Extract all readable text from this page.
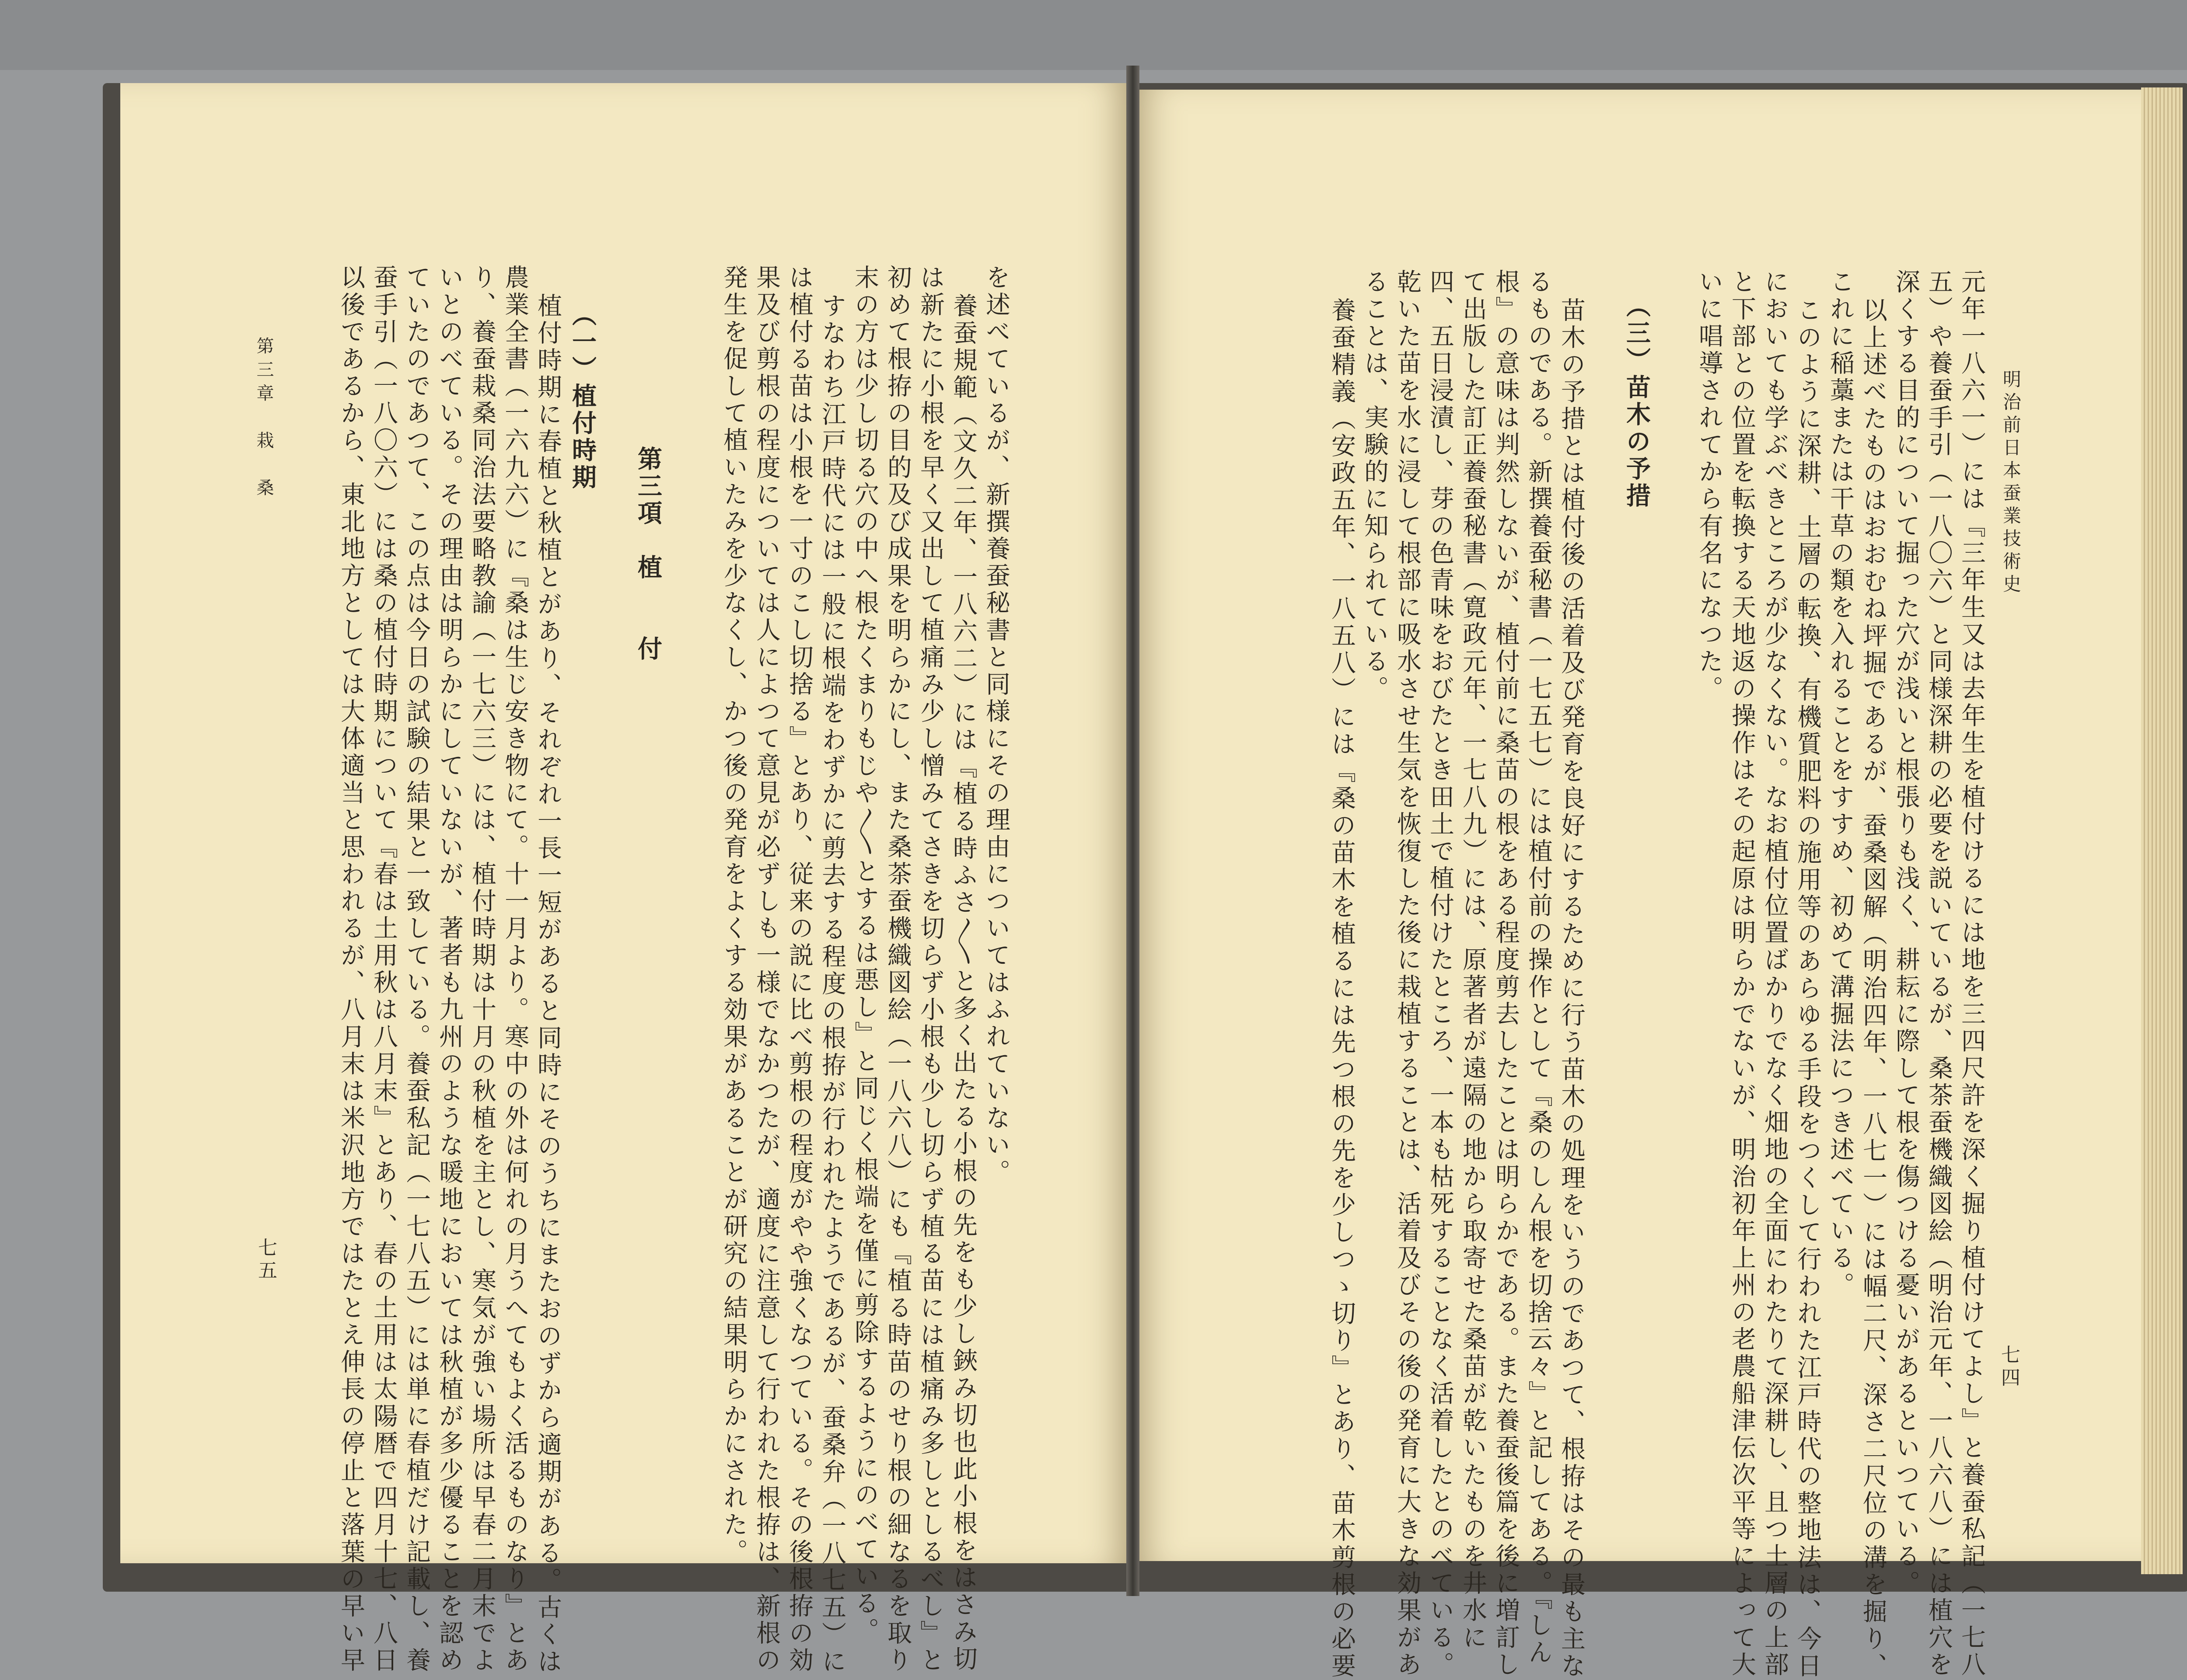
明治前日本蚕業技術史
七四
元年一八六一）には『三年生又は去年生を植付けるには地を三四尺許を深く掘り植付けてよし』と養蚕私記（一七八
五）や養蚕手引（一八〇六）と同様深耕の必要を説いているが、桑茶蚕機織図絵（明治元年、一八六八）には植穴を
深くする目的について掘った穴が浅いと根張りも浅く、耕耘に際して根を傷つける憂いがあるといつている。
以上述べたものはおおむね坪掘であるが、蚕桑図解（明治四年、一八七一）には幅二尺、深さ二尺位の溝を掘り、
これに稲藁または干草の類を入れることをすすめ、初めて溝掘法につき述べている。
このように深耕、土層の転換、有機質肥料の施用等のあらゆる手段をつくして行われた江戸時代の整地法は、今日
においても学ぶべきところが少なくない。なお植付位置ばかりでなく畑地の全面にわたりて深耕し、且つ土層の上部
と下部との位置を転換する天地返の操作はその起原は明らかでないが、明治初年上州の老農船津伝次平等によって大
いに唱導されてから有名になつた。
（三）苗木の予措
苗木の予措とは植付後の活着及び発育を良好にするために行う苗木の処理をいうのであつて、根拵はその最も主な
るものである。新撰養蚕秘書（一七五七）には植付前の操作として『桑のしん根を切捨云々』と記してある。『しん
根』の意味は判然しないが、植付前に桑苗の根をある程度剪去したことは明らかである。また養蚕後篇を後に増訂し
て出版した訂正養蚕秘書（寛政元年、一七八九）には、原著者が遠隔の地から取寄せた桑苗が乾いたものを井水に
四、五日浸漬し、芽の色青味をおびたとき田土で植付けたところ、一本も枯死することなく活着したとのべている。
乾いた苗を水に浸して根部に吸水させ生気を恢復した後に栽植することは、活着及びその後の発育に大きな効果があ
ることは、実験的に知られている。
養蚕精義（安政五年、一八五八）には『桑の苗木を植るには先つ根の先を少しつゝ切り』とあり、苗木剪根の必要
を述べているが、新撰養蚕秘書と同様にその理由についてはふれていない。
養蚕規範（文久二年、一八六二）には『植る時ふさ〳〵と多く出たる小根の先をも少し鋏み切也此小根をはさみ切
は新たに小根を早く又出して植痛み少し憎みてさきを切らず小根も少し切らず植る苗には植痛み多しとしるべし』と
初めて根拵の目的及び成果を明らかにし、また桑茶蚕機織図絵（一八六八）にも『植る時苗のせり根の細なるを取り
末の方は少し切る穴の中へ根たくまりもじや〳〵とするは悪し』と同じく根端を僅に剪除するようにのべている。
すなわち江戸時代には一般に根端をわずかに剪去する程度の根拵が行われたようであるが、蚕桑弁（一八七五）に
は植付る苗は小根を一寸のこし切捨る』とあり、従来の説に比べ剪根の程度がやや強くなつている。その後根拵の効
果及び剪根の程度については人によつて意見が必ずしも一様でなかつたが、適度に注意して行われた根拵は、新根の
発生を促して植いたみを少なくし、かつ後の発育をよくする効果があることが研究の結果明らかにされた。
第三項　植　　付
（一）植付時期
植付時期に春植と秋植とがあり、それぞれ一長一短があると同時にそのうちにまたおのずから適期がある。古くは
農業全書（一六九六）に『桑は生じ安き物にて。十一月より。寒中の外は何れの月うへてもよく活るものなり』とあ
り、養蚕栽桑同治法要略教諭（一七六三）には、植付時期は十月の秋植を主とし、寒気が強い場所は早春二月末でよ
いとのべている。その理由は明らかにしていないが、著者も九州のような暖地においては秋植が多少優ることを認め
ていたのであつて、この点は今日の試験の結果と一致している。養蚕私記（一七八五）には単に春植だけ記載し、養
蚕手引（一八〇六）には桑の植付時期について『春は土用秋は八月末』とあり、春の土用は太陽暦で四月十七、八日
以後であるから、東北地方としては大体適当と思われるが、八月末は米沢地方ではたとえ伸長の停止と落葉の早い早
第三章　栽　桑
七五
